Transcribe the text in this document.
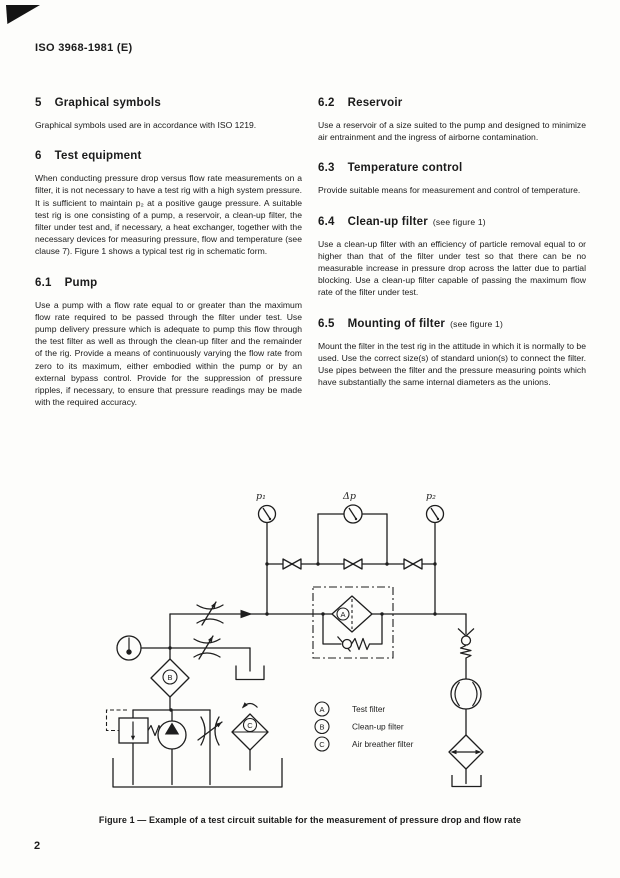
ISO 3968-1981 (E)
5 Graphical symbols

Graphical symbols used are in accordance with ISO 1219.

6 Test equipment

When conducting pressure drop versus flow rate measurements on a filter, it is not necessary to have a test rig with a high system pressure. It is sufficient to maintain p₂ at a positive gauge pressure. A suitable test rig is one consisting of a pump, a reservoir, a clean-up filter, the filter under test and, if necessary, a heat exchanger, together with the necessary devices for measuring pressure, flow and temperature (see clause 7). Figure 1 shows a typical test rig in schematic form.

6.1 Pump

Use a pump with a flow rate equal to or greater than the maximum flow rate required to be passed through the filter under test. Use pump delivery pressure which is adequate to pump this flow through the test filter as well as through the clean-up filter and the remainder of the rig. Provide a means of continuously varying the flow rate from zero to its maximum, either embodied within the pump or by an external bypass control. Provide for the suppression of pressure ripples, if necessary, to ensure that pressure readings may be made with the required accuracy.

6.2 Reservoir

Use a reservoir of a size suited to the pump and designed to minimize air entrainment and the ingress of airborne contamination.

6.3 Temperature control

Provide suitable means for measurement and control of temperature.

6.4 Clean-up filter (see figure 1)

Use a clean-up filter with an efficiency of particle removal equal to or higher than that of the filter under test so that there can be no measurable increase in pressure drop across the latter due to partial blocking. Use a clean-up filter capable of passing the maximum flow rate of the filter under test.

6.5 Mounting of filter (see figure 1)

Mount the filter in the test rig in the attitude in which it is normally to be used. Use the correct size(s) of standard union(s) to connect the filter. Use pipes between the filter and the pressure measuring points which have substantially the same internal diameters as the unions.

A
B
C
p₁	Δp	p₂
A
B
C
Test filter
Clean-up filter
Air breather filter
Figure 1 — Example of a test circuit suitable for the measurement of pressure drop and flow rate
2
